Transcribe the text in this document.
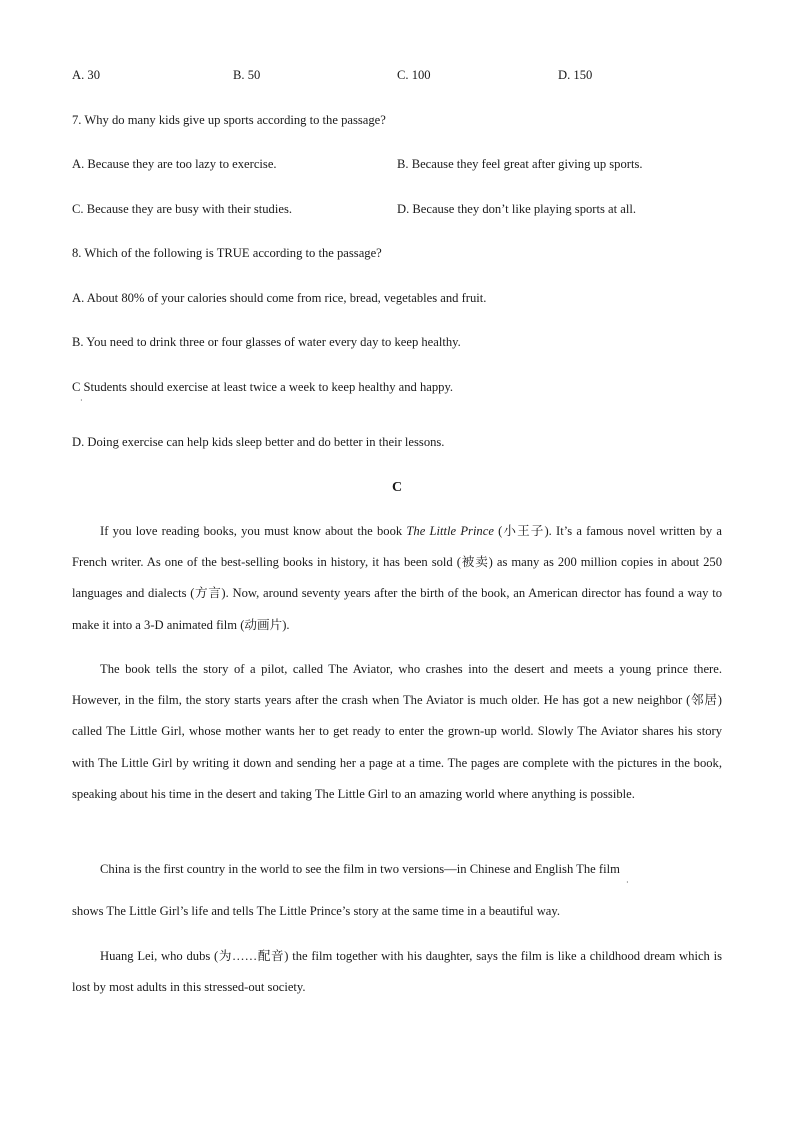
A. 30	B. 50	C. 100	D. 150
7. Why do many kids give up sports according to the passage?
A. Because they are too lazy to exercise.	B. Because they feel great after giving up sports.
C. Because they are busy with their studies.	D. Because they don’t like playing sports at all.
8. Which of the following is TRUE according to the passage?
A. About 80% of your calories should come from rice, bread, vegetables and fruit.
B. You need to drink three or four glasses of water every day to keep healthy.
C Students should exercise at least twice a week to keep healthy and happy.
·
D. Doing exercise can help kids sleep better and do better in their lessons.
C
If you love reading books, you must know about the book The Little Prince (小王子). It’s a famous novel written by a French writer. As one of the best-selling books in history, it has been sold (被卖) as many as 200 million copies in about 250 languages and dialects (方言). Now, around seventy years after the birth of the book, an American director has found a way to make it into a 3-D animated film (动画片).
The book tells the story of a pilot, called The Aviator, who crashes into the desert and meets a young prince there. However, in the film, the story starts years after the crash when The Aviator is much older. He has got a new neighbor (邻居) called The Little Girl, whose mother wants her to get ready to enter the grown-up world. Slowly The Aviator shares his story with The Little Girl by writing it down and sending her a page at a time. The pages are complete with the pictures in the book, speaking about his time in the desert and taking The Little Girl to an amazing world where anything is possible.
China is the first country in the world to see the film in two versions—in Chinese and English The film
·
shows The Little Girl’s life and tells The Little Prince’s story at the same time in a beautiful way.
Huang Lei, who dubs (为……配音) the film together with his daughter, says the film is like a childhood dream which is lost by most adults in this stressed-out society.
